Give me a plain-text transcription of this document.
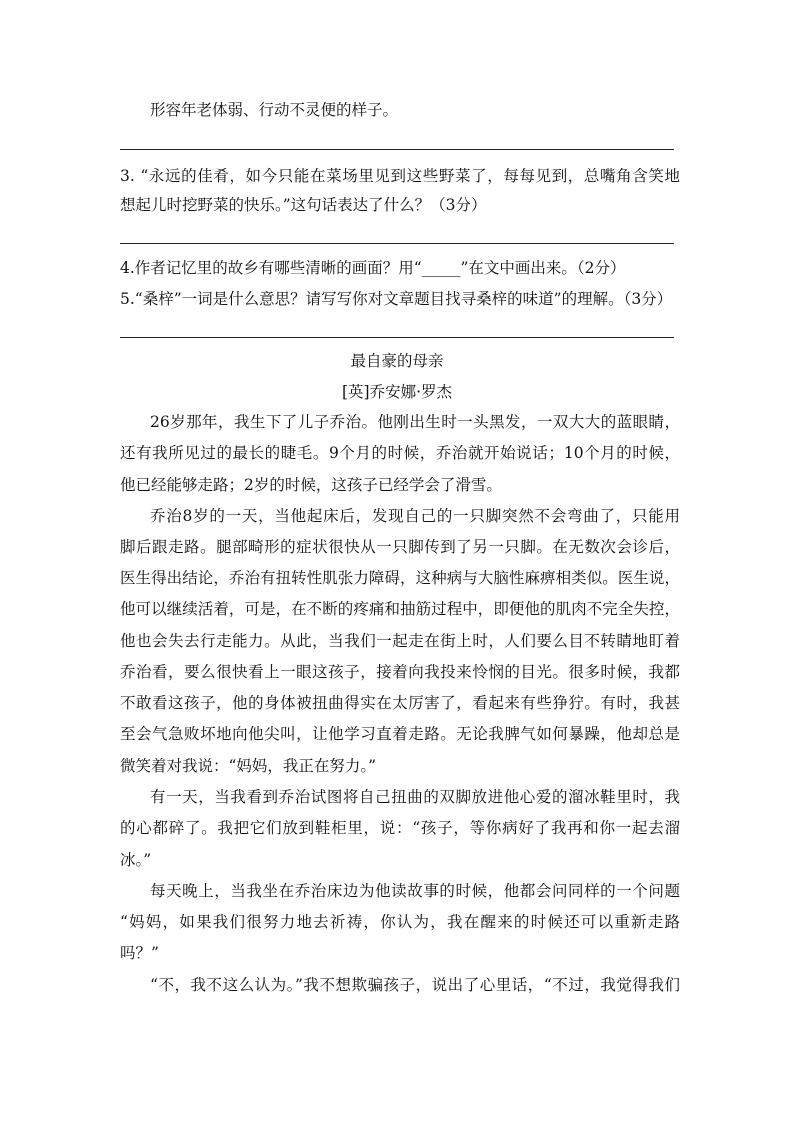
形容年老体弱、行动不灵便的样子。
3. “永远的佳肴，如今只能在菜场里见到这些野菜了，每每见到，总嘴角含笑地
想起儿时挖野菜的快乐。”这句话表达了什么？（3分）
4.作者记忆里的故乡有哪些清晰的画面？用“_____”在文中画出来。（2分）
5.“桑梓”一词是什么意思？请写写你对文章题目找寻桑梓的味道”的理解。（3分）
最自豪的母亲
[英]乔安娜·罗杰
26岁那年，我生下了儿子乔治。他刚出生时一头黑发，一双大大的蓝眼睛，
还有我所见过的最长的睫毛。9个月的时候，乔治就开始说话；10个月的时候，
他已经能够走路；2岁的时候，这孩子已经学会了滑雪。
乔治8岁的一天，当他起床后，发现自己的一只脚突然不会弯曲了，只能用
脚后跟走路。腿部畸形的症状很快从一只脚传到了另一只脚。在无数次会诊后，
医生得出结论，乔治有扭转性肌张力障碍，这种病与大脑性麻痹相类似。医生说，
他可以继续活着，可是，在不断的疼痛和抽筋过程中，即便他的肌肉不完全失控，
他也会失去行走能力。从此，当我们一起走在街上时，人们要么目不转睛地盯着
乔治看，要么很快看上一眼这孩子，接着向我投来怜悯的目光。很多时候，我都
不敢看这孩子，他的身体被扭曲得实在太厉害了，看起来有些狰狞。有时，我甚
至会气急败坏地向他尖叫，让他学习直着走路。无论我脾气如何暴躁，他却总是
微笑着对我说：“妈妈，我正在努力。”
有一天，当我看到乔治试图将自己扭曲的双脚放进他心爱的溜冰鞋里时，我
的心都碎了。我把它们放到鞋柜里，说：“孩子，等你病好了我再和你一起去溜
冰。”
每天晚上，当我坐在乔治床边为他读故事的时候，他都会问同样的一个问题
“妈妈，如果我们很努力地去祈祷，你认为，我在醒来的时候还可以重新走路
吗？”
“不，我不这么认为。”我不想欺骗孩子，说出了心里话，“不过，我觉得我们
